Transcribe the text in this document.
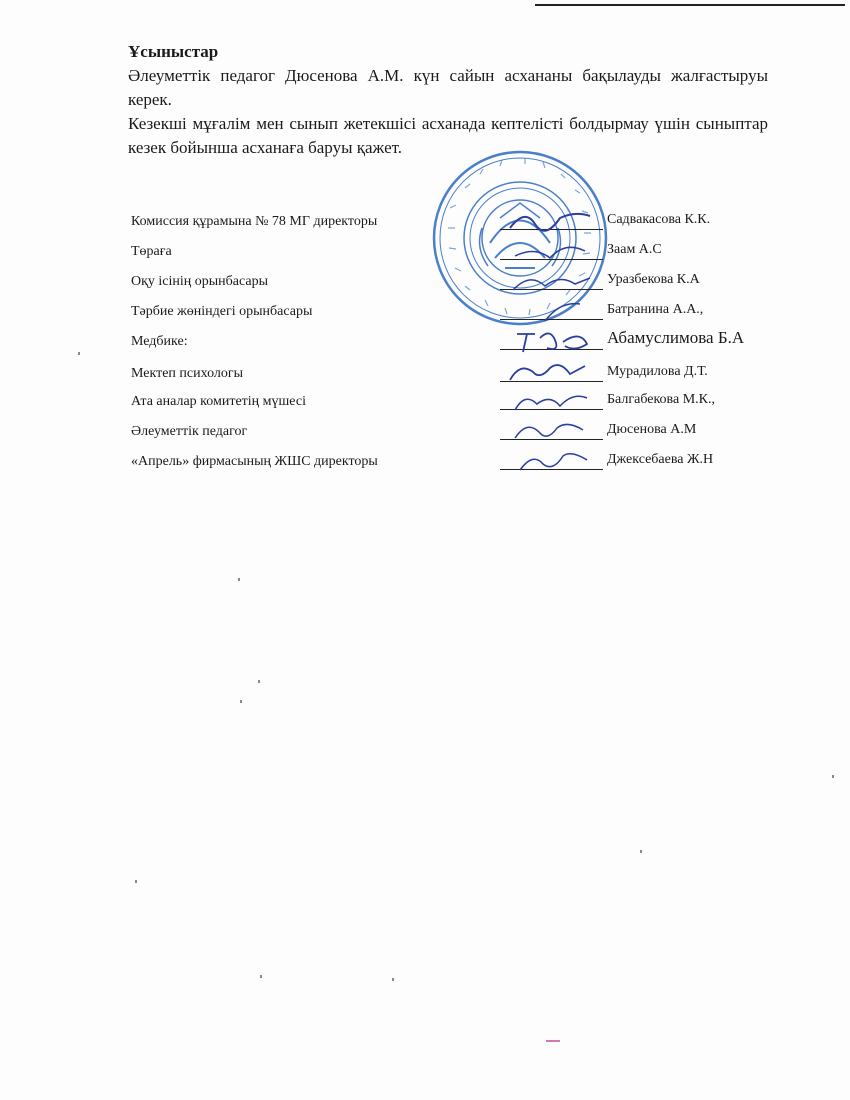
Ұсыныстар

Әлеуметтік педагог Дюсенова А.М. күн сайын асхананы бақылауды жалғастыруы керек.

Кезекші мұғалім мен сынып жетекшісі асханада кептелісті болдырмау үшін сыныптар кезек бойынша асханаға баруы қажет.

Комиссия құрамына № 78 МГ директоры	Садвакасова К.К.
Төраға	Заам А.С
Оқу ісінің орынбасары	Уразбекова К.А
Тәрбие жөніндегі орынбасары	Батранина А.А.,
Медбике:	Абамуслимова Б.А
Мектеп психологы	Мурадилова Д.Т.
Ата аналар комитетің мүшесі	Балгабекова М.К.,
Әлеуметтік педагог	Дюсенова А.М
«Апрель» фирмасының ЖШС директоры	Джексебаева Ж.Н
